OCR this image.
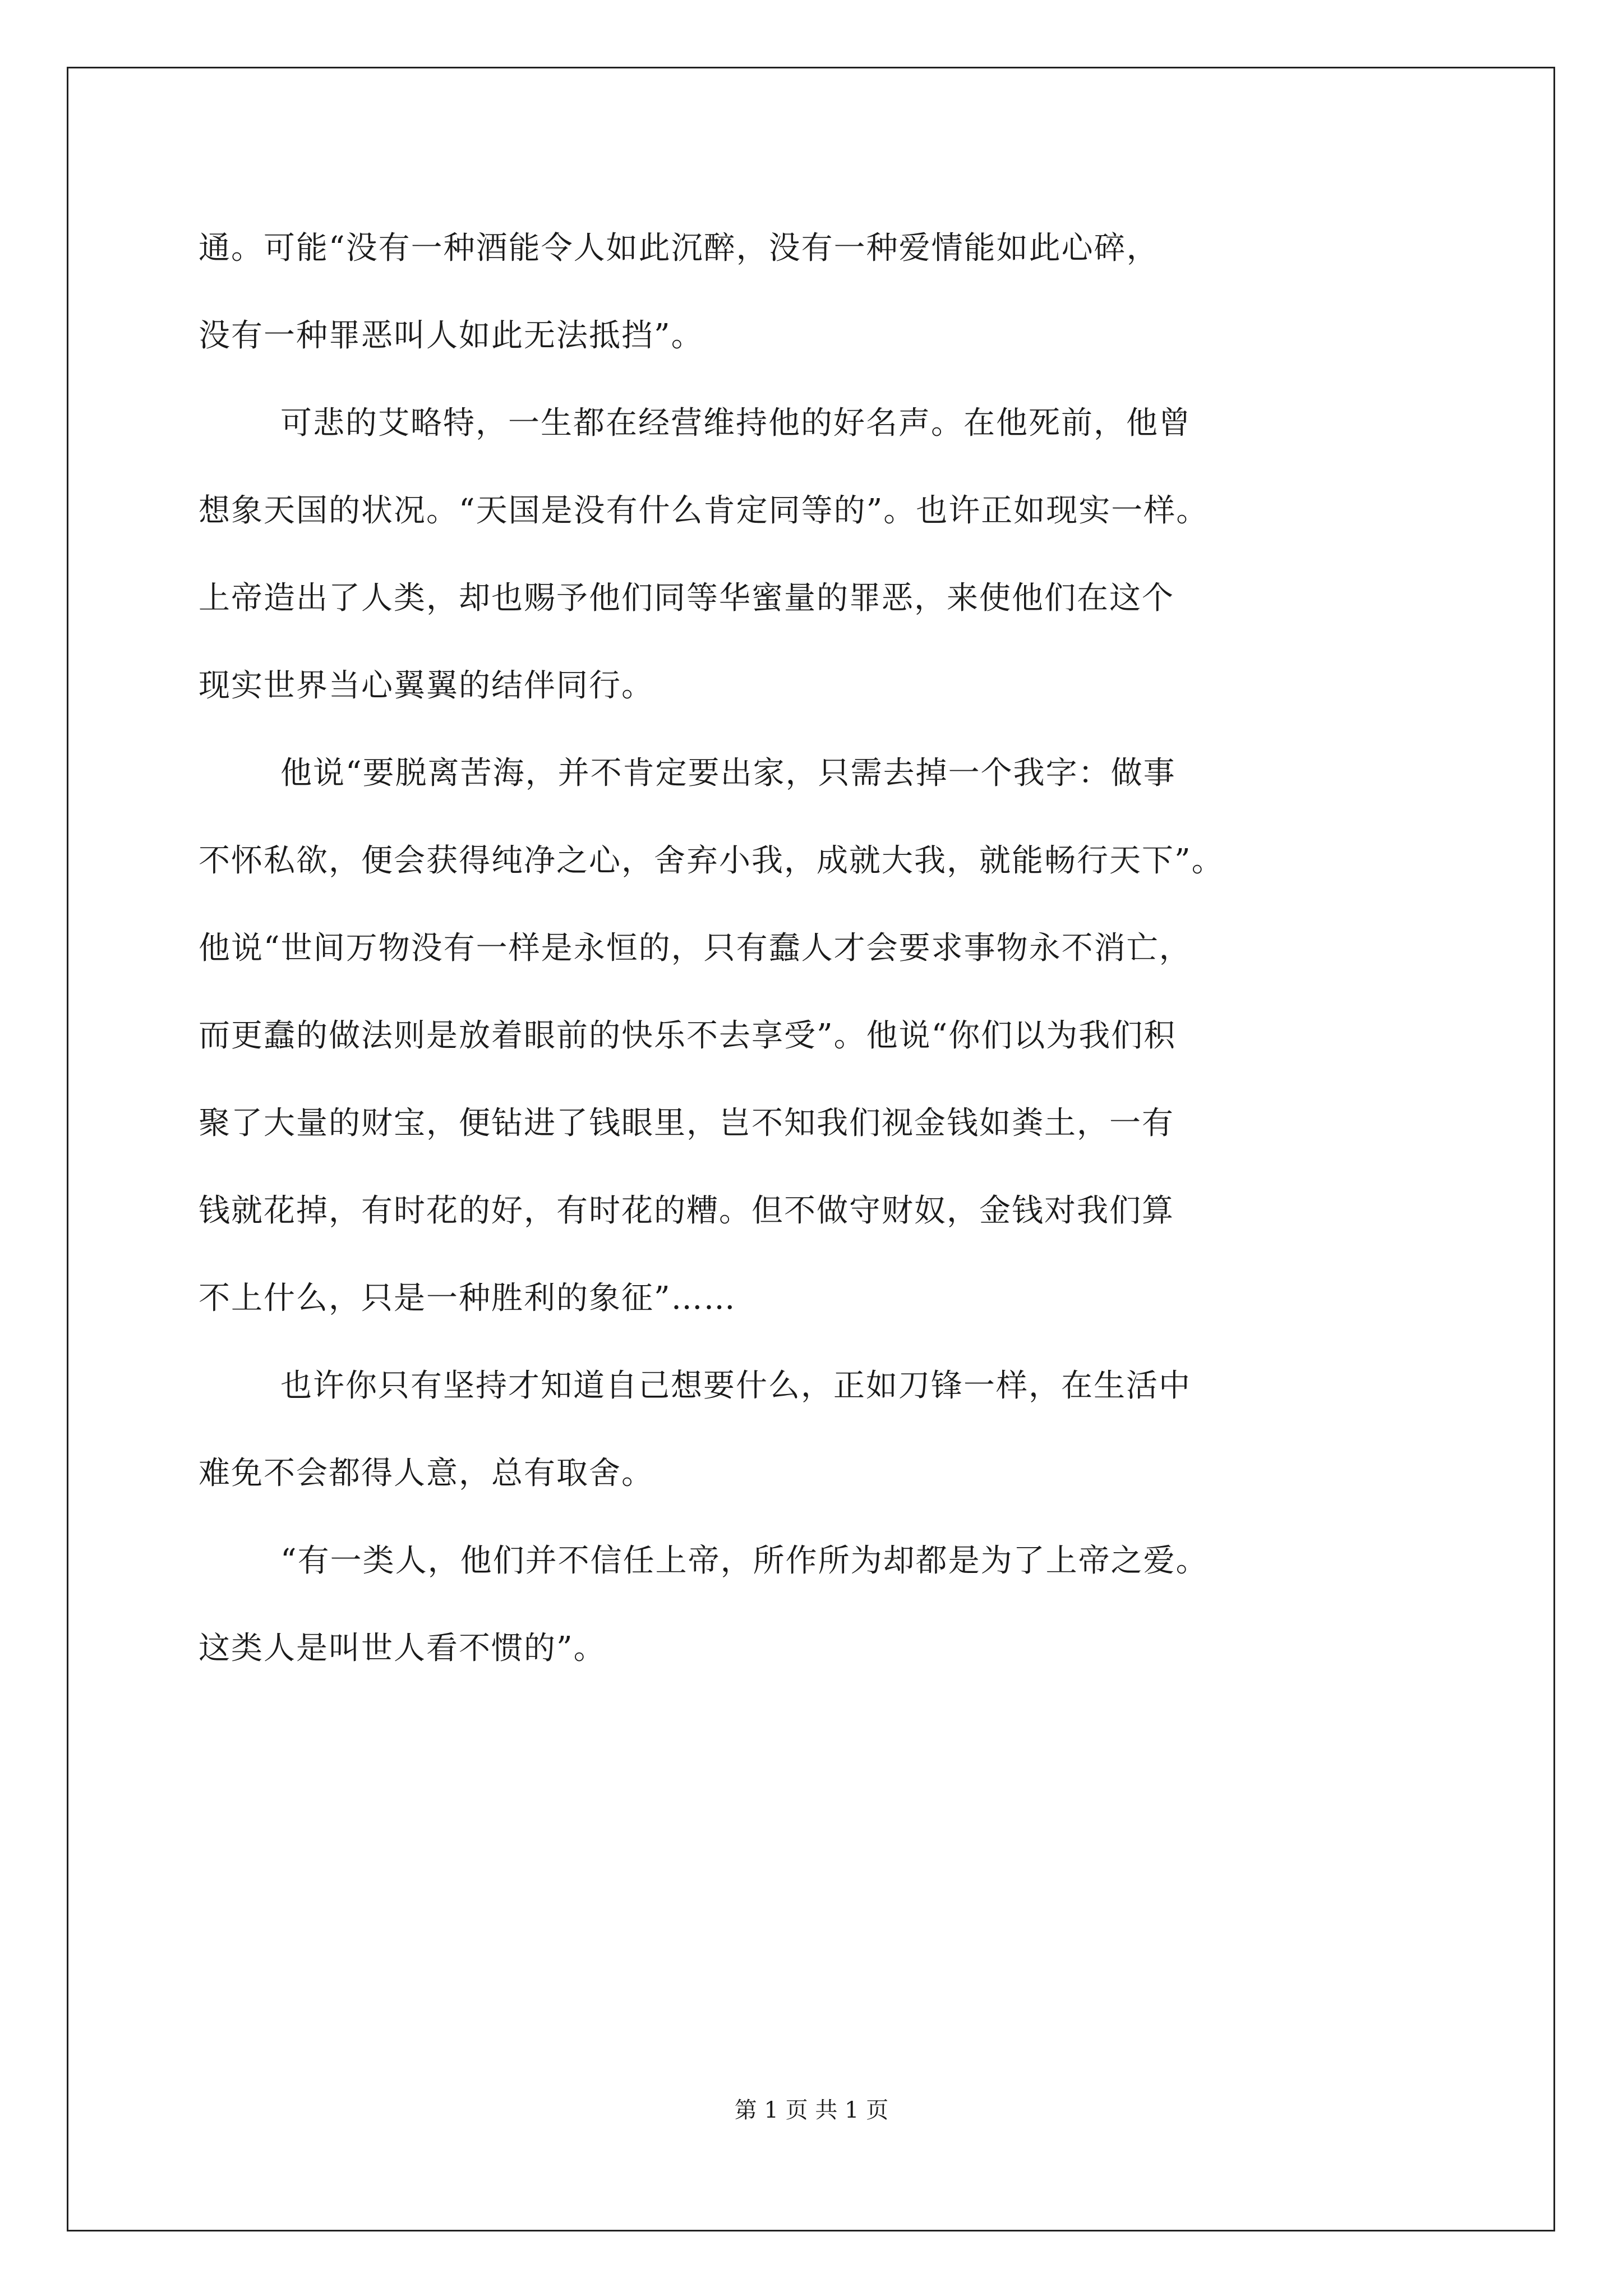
通。可能“没有一种酒能令人如此沉醉，没有一种爱情能如此心碎，
没有一种罪恶叫人如此无法抵挡”。
可悲的艾略特，一生都在经营维持他的好名声。在他死前，他曾
想象天国的状况。“天国是没有什么肯定同等的”。也许正如现实一样。
上帝造出了人类，却也赐予他们同等华蜜量的罪恶，来使他们在这个
现实世界当心翼翼的结伴同行。
他说“要脱离苦海，并不肯定要出家，只需去掉一个我字：做事
不怀私欲，便会获得纯净之心，舍弃小我，成就大我，就能畅行天下”。
他说“世间万物没有一样是永恒的，只有蠢人才会要求事物永不消亡，
而更蠢的做法则是放着眼前的快乐不去享受”。他说“你们以为我们积
聚了大量的财宝，便钻进了钱眼里，岂不知我们视金钱如粪土，一有
钱就花掉，有时花的好，有时花的糟。但不做守财奴，金钱对我们算
不上什么，只是一种胜利的象征”……
也许你只有坚持才知道自己想要什么，正如刀锋一样，在生活中
难免不会都得人意，总有取舍。
“有一类人，他们并不信任上帝，所作所为却都是为了上帝之爱。
这类人是叫世人看不惯的”。
第 1 页 共 1 页
